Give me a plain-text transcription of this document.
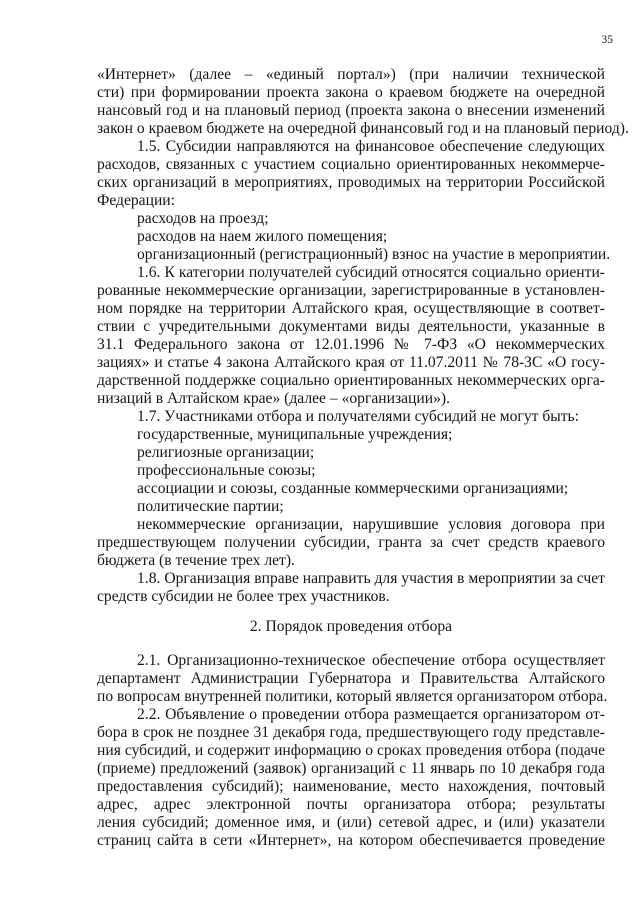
35
«Интернет» (далее – «единый портал») (при наличии технической
сти) при формировании проекта закона о краевом бюджете на очередной
нансовый год и на плановый период (проекта закона о внесении изменений
закон о краевом бюджете на очередной финансовый год и на плановый период).
1.5. Субсидии направляются на финансовое обеспечение следующих
расходов, связанных с участием социально ориентированных некоммерче-
ских организаций в мероприятиях, проводимых на территории Российской
Федерации:
расходов на проезд;
расходов на наем жилого помещения;
организационный (регистрационный) взнос на участие в мероприятии.
1.6. К категории получателей субсидий относятся социально ориенти-
рованные некоммерческие организации, зарегистрированные в установлен-
ном порядке на территории Алтайского края, осуществляющие в соответ-
ствии с учредительными документами виды деятельности, указанные в
31.1 Федерального закона от 12.01.1996 № 7-ФЗ «О некоммерческих
зациях» и статье 4 закона Алтайского края от 11.07.2011 № 78-ЗС «О госу-
дарственной поддержке социально ориентированных некоммерческих орга-
низаций в Алтайском крае» (далее – «организации»).
1.7. Участниками отбора и получателями субсидий не могут быть:
государственные, муниципальные учреждения;
религиозные организации;
профессиональные союзы;
ассоциации и союзы, созданные коммерческими организациями;
политические партии;
некоммерческие организации, нарушившие условия договора при
предшествующем получении субсидии, гранта за счет средств краевого
бюджета (в течение трех лет).
1.8. Организация вправе направить для участия в мероприятии за счет
средств субсидии не более трех участников.
2. Порядок проведения отбора
2.1. Организационно-техническое обеспечение отбора осуществляет
департамент Администрации Губернатора и Правительства Алтайского
по вопросам внутренней политики, который является организатором отбора.
2.2. Объявление о проведении отбора размещается организатором от-
бора в срок не позднее 31 декабря года, предшествующего году представле-
ния субсидий, и содержит информацию о сроках проведения отбора (подаче
(приеме) предложений (заявок) организаций с 11 январь по 10 декабря года
предоставления субсидий); наименование, место нахождения, почтовый
адрес, адрес электронной почты организатора отбора; результаты
ления субсидий; доменное имя, и (или) сетевой адрес, и (или) указатели
страниц сайта в сети «Интернет», на котором обеспечивается проведение
